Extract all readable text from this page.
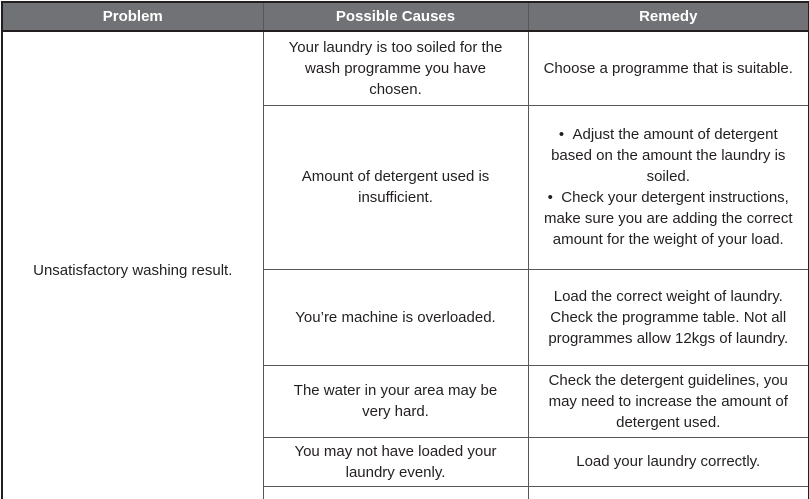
Problem	Possible Causes	Remedy

Unsatisfactory washing result.	Your laundry is too soiled for the wash programme you have chosen.	Choose a programme that is suitable.

	Amount of detergent used is insufficient.	•  Adjust the amount of detergent based on the amount the laundry is soiled.

•  Check your detergent instructions, make sure you are adding the correct amount for the weight of your load.

	You’re machine is overloaded.	Load the correct weight of laundry. Check the programme table. Not all programmes allow 12kgs of laundry.

	The water in your area may be very hard.	Check the detergent guidelines, you may need to increase the amount of detergent used.

	You may not have loaded your laundry evenly.	Load your laundry correctly.
